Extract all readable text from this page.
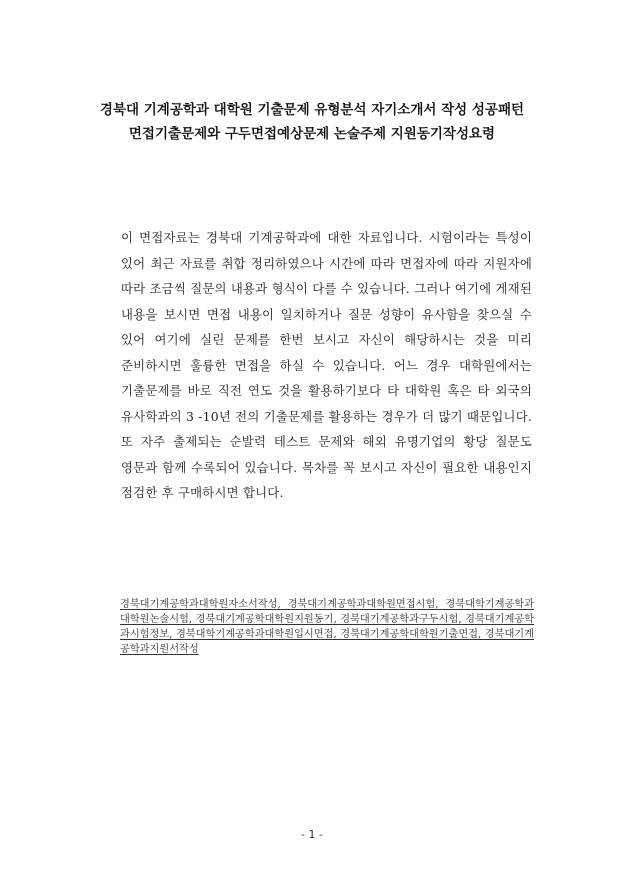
경북대 기계공학과 대학원 기출문제 유형분석 자기소개서 작성 성공패턴
면접기출문제와 구두면접예상문제 논술주제 지원동기작성요령
이 면접자료는 경북대 기계공학과에 대한 자료입니다. 시험이라는 특성이 있어 최근 자료를 취합 정리하였으나 시간에 따라 면접자에 따라 지원자에 따라 조금씩 질문의 내용과 형식이 다를 수 있습니다. 그러나 여기에 게재된 내용을 보시면 면접 내용이 일치하거나 질문 성향이 유사함을 찾으실 수 있어 여기에 실린 문제를 한번 보시고 자신이 해당하시는 것을 미리 준비하시면 훌륭한 면접을 하실 수 있습니다. 어느 경우 대학원에서는 기출문제를 바로 직전 연도 것을 활용하기보다 타 대학원 혹은 타 외국의 유사학과의 3 -10년 전의 기출문제를 활용하는 경우가 더 많기 때문입니다. 또 자주 출제되는 순발력 테스트 문제와 해외 유명기업의 황당 질문도 영문과 함께 수록되어 있습니다. 목차를 꼭 보시고 자신이 필요한 내용인지 점검한 후 구매하시면 합니다.
경북대기계공학과대학원자소서작성, 경북대기계공학과대학원면접시험, 경북대학기계공학과대학원논술시험, 경북대기계공학대학원지원동기, 경북대기계공학과구두시험, 경북대기계공학과시험정보, 경북대학기계공학과대학원입시면접, 경북대기계공학대학원기출면접, 경북대기계공학과지원서작성
- 1 -
